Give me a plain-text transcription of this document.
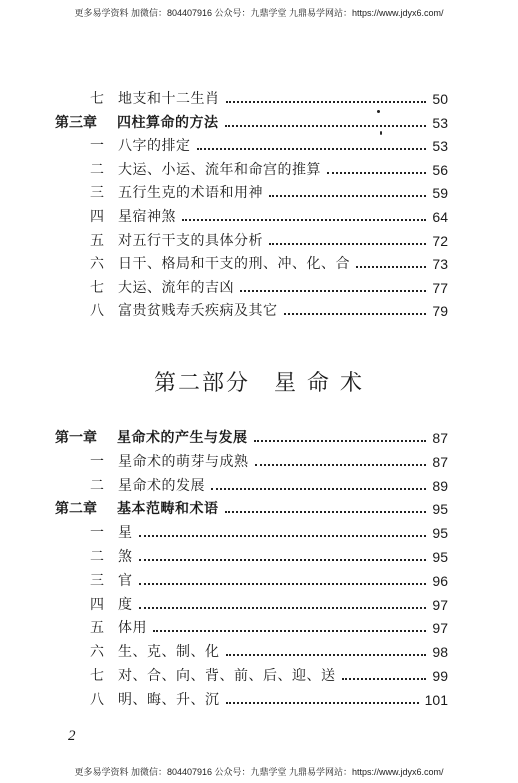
更多易学资料 加微信：804407916 公众号：九鼎学堂 九鼎易学网站：https://www.jdyx6.com/
七 地支和十二生肖	50
第三章 四柱算命的方法	53
一 八字的排定	53
二 大运、小运、流年和命宫的推算	56
三 五行生克的术语和用神	59
四 星宿神煞	64
五 对五行干支的具体分析	72
六 日干、格局和干支的刑、冲、化、合	73
七 大运、流年的吉凶	77
八 富贵贫贱寿夭疾病及其它	79
第二部分　星 命 术
第一章 星命术的产生与发展	87
一 星命术的萌芽与成熟	87
二 星命术的发展	89
第二章 基本范畴和术语	95
一 星	95
二 煞	95
三 官	96
四 度	97
五 体用	97
六 生、克、制、化	98
七 对、合、向、背、前、后、迎、送	99
八 明、晦、升、沉	101
2
更多易学资料 加微信：804407916 公众号：九鼎学堂 九鼎易学网站：https://www.jdyx6.com/
